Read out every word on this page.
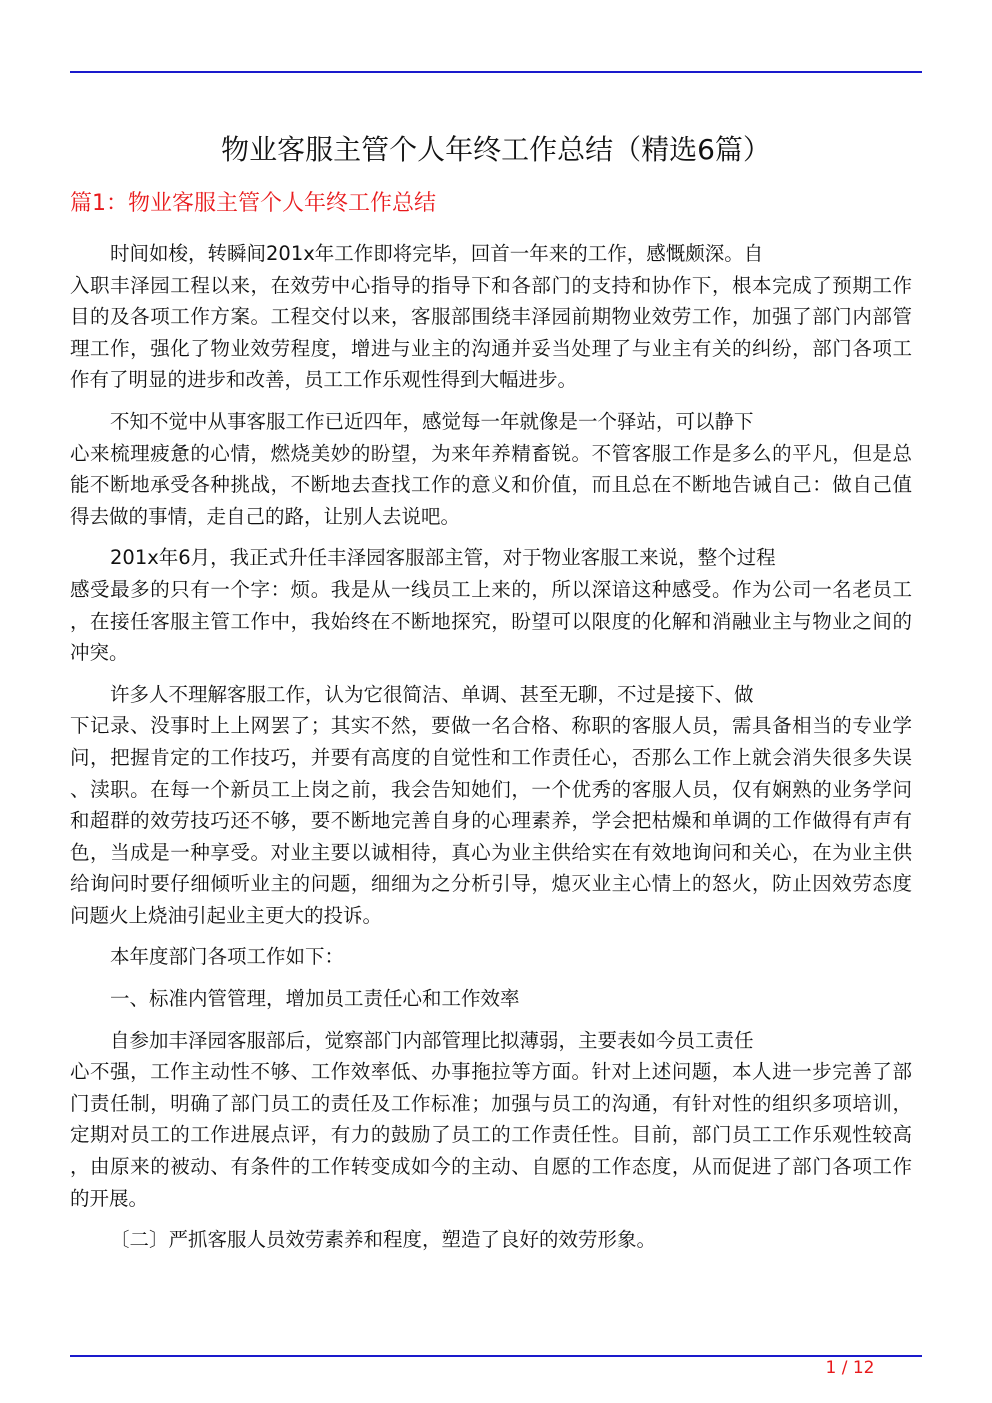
物业客服主管个人年终工作总结（精选6篇）
篇1：物业客服主管个人年终工作总结
时间如梭，转瞬间201x年工作即将完毕，回首一年来的工作，感慨颇深。自
入职丰泽园工程以来，在效劳中心指导的指导下和各部门的支持和协作下，根本完成了预期工作
目的及各项工作方案。工程交付以来，客服部围绕丰泽园前期物业效劳工作，加强了部门内部管
理工作，强化了物业效劳程度，增进与业主的沟通并妥当处理了与业主有关的纠纷，部门各项工
作有了明显的进步和改善，员工工作乐观性得到大幅进步。
不知不觉中从事客服工作已近四年，感觉每一年就像是一个驿站，可以静下
心来梳理疲惫的心情，燃烧美妙的盼望，为来年养精畜锐。不管客服工作是多么的平凡，但是总
能不断地承受各种挑战，不断地去查找工作的意义和价值，而且总在不断地告诫自己：做自己值
得去做的事情，走自己的路，让别人去说吧。
201x年6月，我正式升任丰泽园客服部主管，对于物业客服工来说，整个过程
感受最多的只有一个字：烦。我是从一线员工上来的，所以深谙这种感受。作为公司一名老员工
，在接任客服主管工作中，我始终在不断地探究，盼望可以限度的化解和消融业主与物业之间的
冲突。
许多人不理解客服工作，认为它很简洁、单调、甚至无聊，不过是接下、做
下记录、没事时上上网罢了；其实不然，要做一名合格、称职的客服人员，需具备相当的专业学
问，把握肯定的工作技巧，并要有高度的自觉性和工作责任心，否那么工作上就会消失很多失误
、渎职。在每一个新员工上岗之前，我会告知她们，一个优秀的客服人员，仅有娴熟的业务学问
和超群的效劳技巧还不够，要不断地完善自身的心理素养，学会把枯燥和单调的工作做得有声有
色，当成是一种享受。对业主要以诚相待，真心为业主供给实在有效地询问和关心，在为业主供
给询问时要仔细倾听业主的问题，细细为之分析引导，熄灭业主心情上的怒火，防止因效劳态度
问题火上烧油引起业主更大的投诉。
本年度部门各项工作如下：
一、标准内管管理，增加员工责任心和工作效率
自参加丰泽园客服部后，觉察部门内部管理比拟薄弱，主要表如今员工责任
心不强，工作主动性不够、工作效率低、办事拖拉等方面。针对上述问题，本人进一步完善了部
门责任制，明确了部门员工的责任及工作标准；加强与员工的沟通，有针对性的组织多项培训，
定期对员工的工作进展点评，有力的鼓励了员工的工作责任性。目前，部门员工工作乐观性较高
，由原来的被动、有条件的工作转变成如今的主动、自愿的工作态度，从而促进了部门各项工作
的开展。
〔二〕严抓客服人员效劳素养和程度，塑造了良好的效劳形象。
1 / 12
